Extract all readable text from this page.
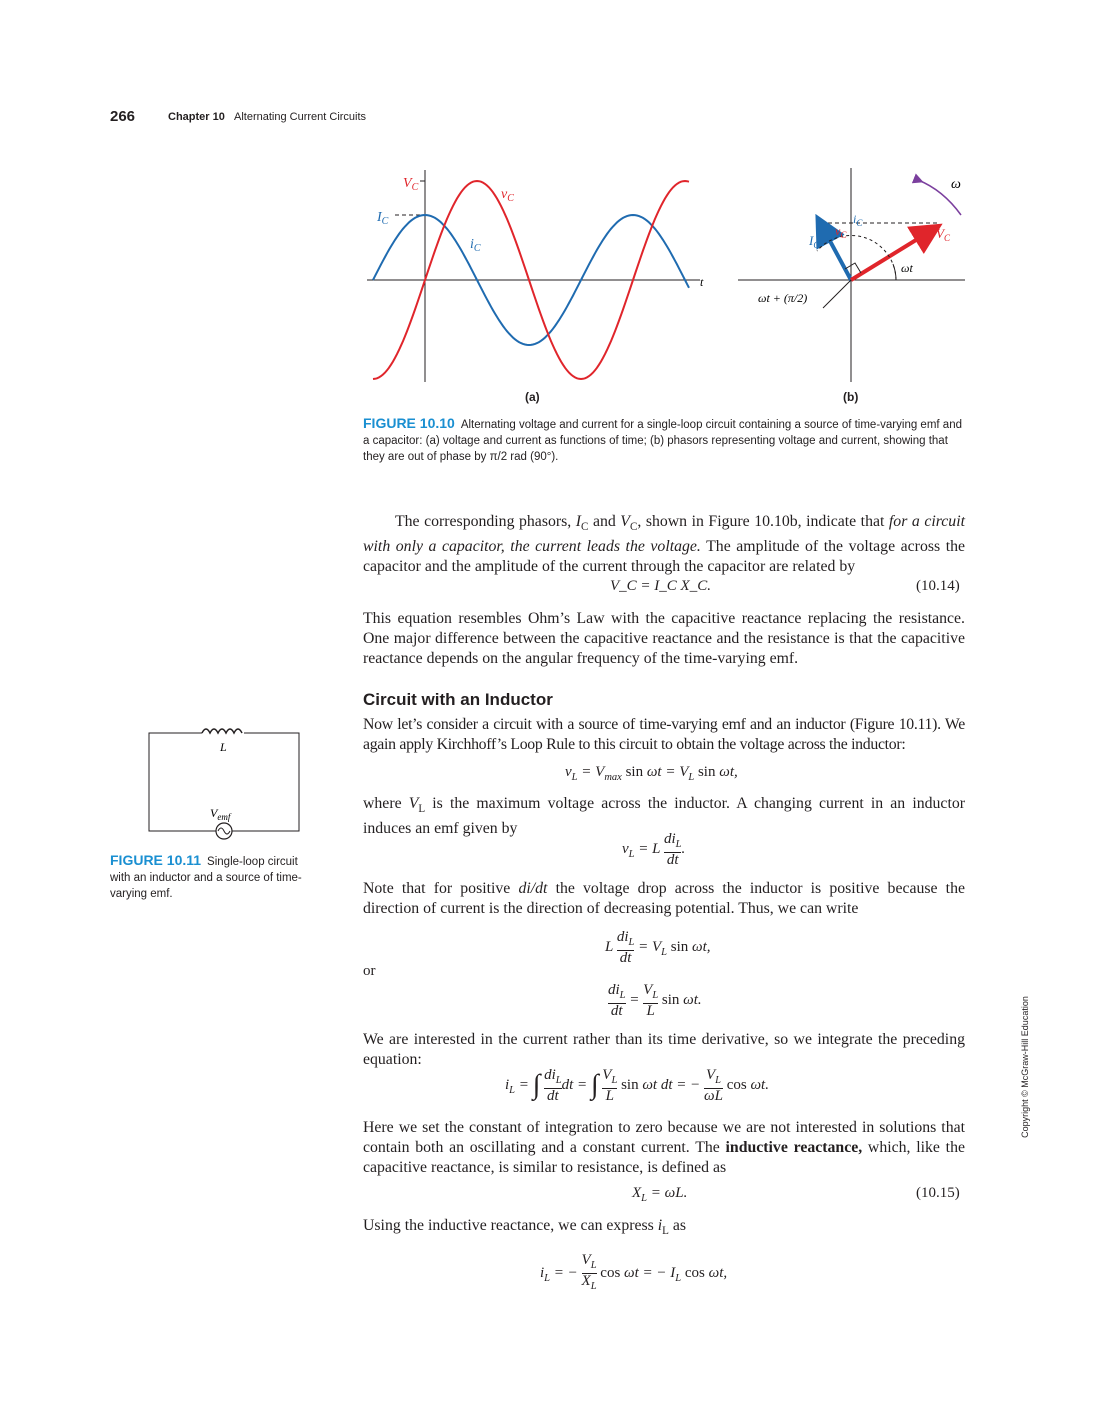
266	Chapter 10 Alternating Current Circuits
$V_C$
$I_C$
$v_C$
$i_C$
t
(a)
ω
ωt
ωt + (π/2)
$I_C$
$V_C$
$v_C$
$i_C$
(b)
FIGURE 10.10 Alternating voltage and current for a single-loop circuit containing a source of time-varying emf and a capacitor: (a) voltage and current as functions of time; (b) phasors representing voltage and current, showing that they are out of phase by π/2 rad (90°).
The corresponding phasors, $I_C$ and $V_C$, shown in Figure 10.10b, indicate that for a circuit with only a capacitor, the current leads the voltage. The amplitude of the voltage across the capacitor and the amplitude of the current through the capacitor are related by
V_C = I_C X_C.	(10.14)
This equation resembles Ohm’s Law with the capacitive reactance replacing the resistance. One major difference between the capacitive reactance and the resistance is that the capacitive reactance depends on the angular frequency of the time-varying emf.
Circuit with an Inductor
Now let’s consider a circuit with a source of time-varying emf and an inductor (Figure 10.11). We again apply Kirchhoff’s Loop Rule to this circuit to obtain the voltage across the inductor:
$v_L = V_{max}$ $\sin \omega t = V_L$ sin ωt,
where $V_L$ is the maximum voltage across the inductor. A changing current in an inductor induces an emf given by
$v_L = L$
$di_L$
dt
.
Note that for positive di/dt the voltage drop across the inductor is positive because the direction of current is the direction of decreasing potential. Thus, we can write
L
$di_L$
dt
= $V_L$ sin ωt,
or
$di_L$
dt
= $\frac{V_L}{L}$ sin ωt.
We are interested in the current rather than its time derivative, so we integrate the preceding equation:
$i_L$ = ∫ $di_L$
dt
dt = ∫ $\frac{V_L}{L}$ sin ωt dt = − $\frac{V_L}{\omega L}$ cos ωt.
Here we set the constant of integration to zero because we are not interested in solutions that contain both an oscillating and a constant current. The inductive reactance, which, like the capacitive reactance, is similar to resistance, is defined as
$X_L = \omega L$.	(10.15)
Using the inductive reactance, we can express $i_L$ as
$i_L$ = − $\frac{V_L}{X_L}$ cos ωt = − $I_L$ cos ωt,
L
$V_{emf}$
FIGURE 10.11 Single-loop circuit with an inductor and a source of time-varying emf.
Copyright © McGraw-Hill Education
